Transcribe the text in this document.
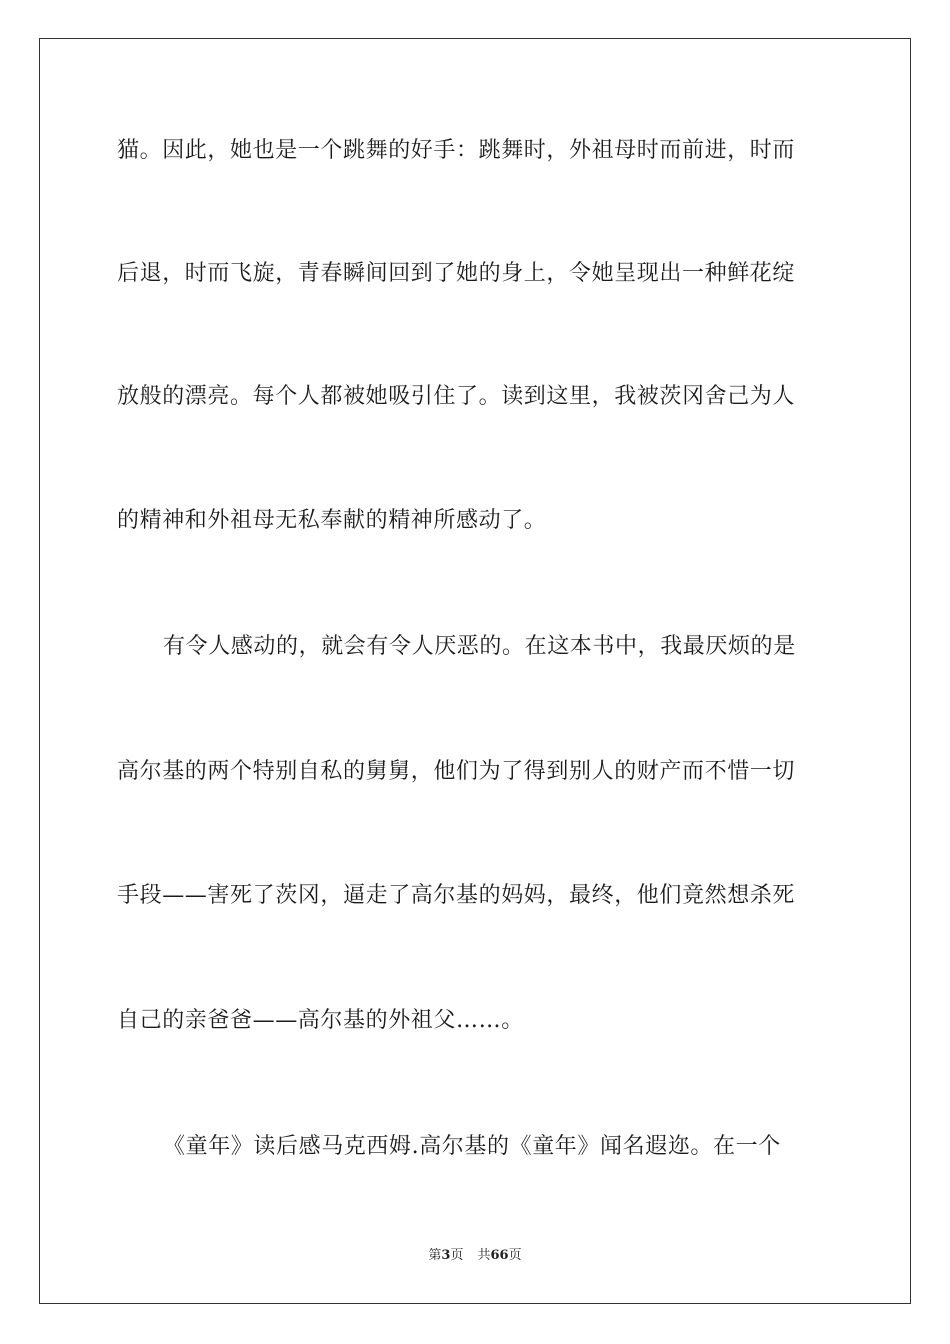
猫。因此，她也是一个跳舞的好手：跳舞时，外祖母时而前进，时而
后退，时而飞旋，青春瞬间回到了她的身上，令她呈现出一种鲜花绽
放般的漂亮。每个人都被她吸引住了。读到这里，我被茨冈舍己为人
的精神和外祖母无私奉献的精神所感动了。
有令人感动的，就会有令人厌恶的。在这本书中，我最厌烦的是
高尔基的两个特别自私的舅舅，他们为了得到别人的财产而不惜一切
手段——害死了茨冈，逼走了高尔基的妈妈，最终，他们竟然想杀死
自己的亲爸爸——高尔基的外祖父……。
《童年》读后感马克西姆.高尔基的《童年》闻名遐迩。在一个
第3页 共66页
